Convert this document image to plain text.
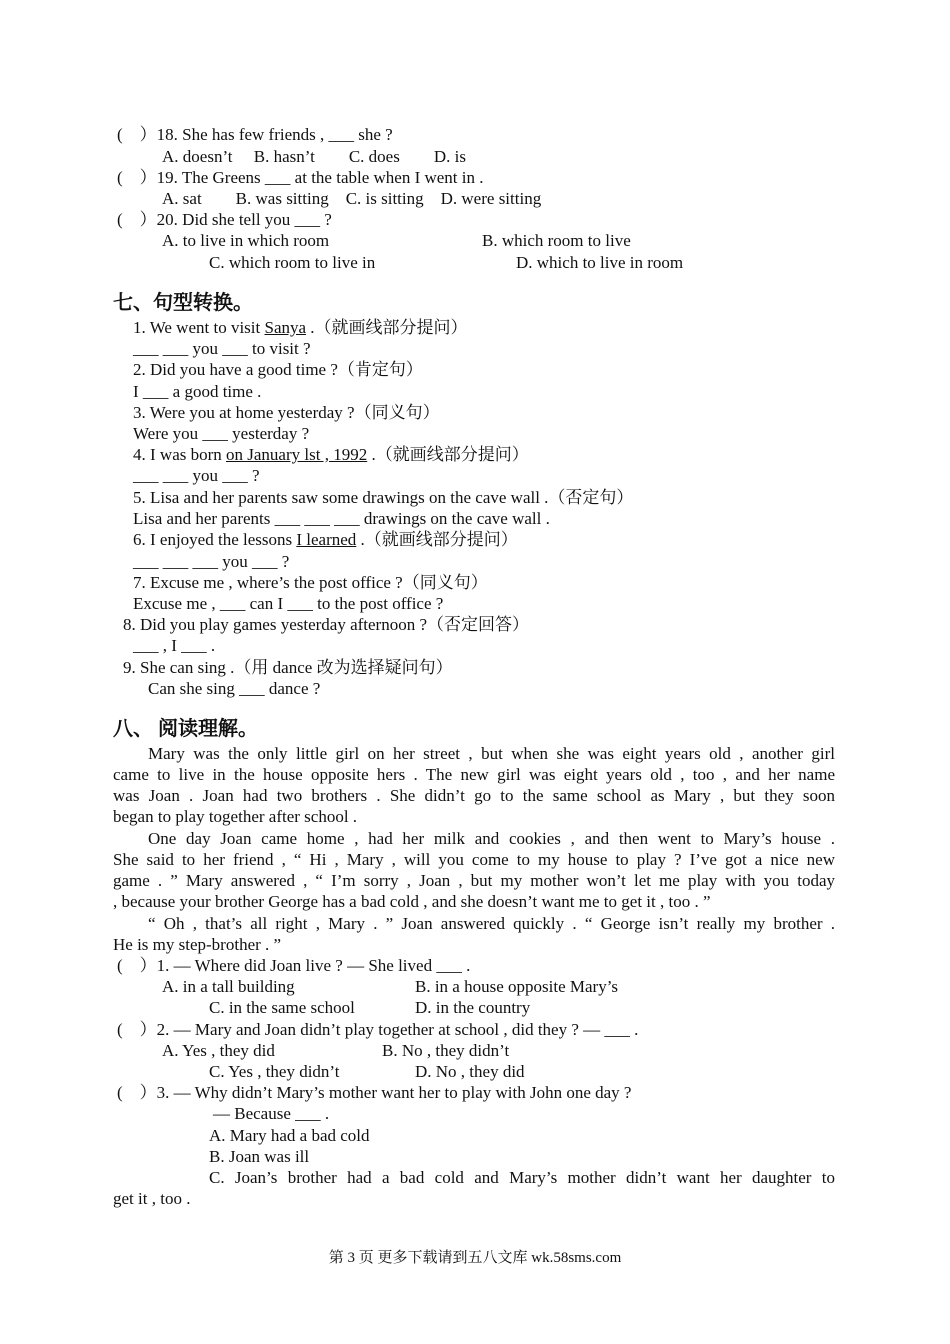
(　）18. She has few friends , ___ she ?
A. doesn’t　 B. hasn’t　　C. does　　D. is
(　）19. The Greens ___ at the table when I went in .
A. sat　　B. was sitting　C. is sitting　D. were sitting
(　）20. Did she tell you ___ ?
A. to live in which room	B. which room to live
C. which room to live in	D. which to live in room
七、句型转换。
1. We went to visit Sanya .（就画线部分提问）
___ ___ you ___ to visit ?
2. Did you have a good time ?（肯定句）
I ___ a good time .
3. Were you at home yesterday ?（同义句）
Were you ___ yesterday ?
4. I was born on January lst , 1992 .（就画线部分提问）
___ ___ you ___ ?
5. Lisa and her parents saw some drawings on the cave wall .（否定句）
Lisa and her parents ___ ___ ___ drawings on the cave wall .
6. I enjoyed the lessons I learned .（就画线部分提问）
___ ___ ___ you ___ ?
7. Excuse me , where’s the post office ?（同义句）
Excuse me , ___ can I ___ to the post office ?
8. Did you play games yesterday afternoon ?（否定回答）
___ , I ___ .
9. She can sing .（用 dance 改为选择疑问句）
Can she sing ___ dance ?
八、 阅读理解。
Mary was the only little girl on her street , but when she was eight years old , another girl
came to live in the house opposite hers . The new girl was eight years old , too , and her name
was Joan . Joan had two brothers . She didn’t go to the same school as Mary , but they soon
began to play together after school .
One day Joan came home , had her milk and cookies , and then went to Mary’s house .
She said to her friend , “ Hi , Mary , will you come to my house to play ? I’ve got a nice new
game . ” Mary answered , “ I’m sorry , Joan , but my mother won’t let me play with you today
, because your brother George has a bad cold , and she doesn’t want me to get it , too . ”
“ Oh , that’s all right , Mary . ” Joan answered quickly . “ George isn’t really my brother .
He is my step-brother . ”
(　）1. — Where did Joan live ? — She lived ___ .
A. in a tall building	B. in a house opposite Mary’s
C. in the same school	D. in the country
(　）2. — Mary and Joan didn’t play together at school , did they ? — ___ .
A. Yes , they did	B. No , they didn’t
C. Yes , they didn’t	D. No , they did
(　）3. — Why didn’t Mary’s mother want her to play with John one day ?
— Because ___ .
A. Mary had a bad cold
B. Joan was ill
C. Joan’s brother had a bad cold and Mary’s mother didn’t want her daughter to
get it , too .
第 3 页 更多下载请到五八文库 wk.58sms.com
